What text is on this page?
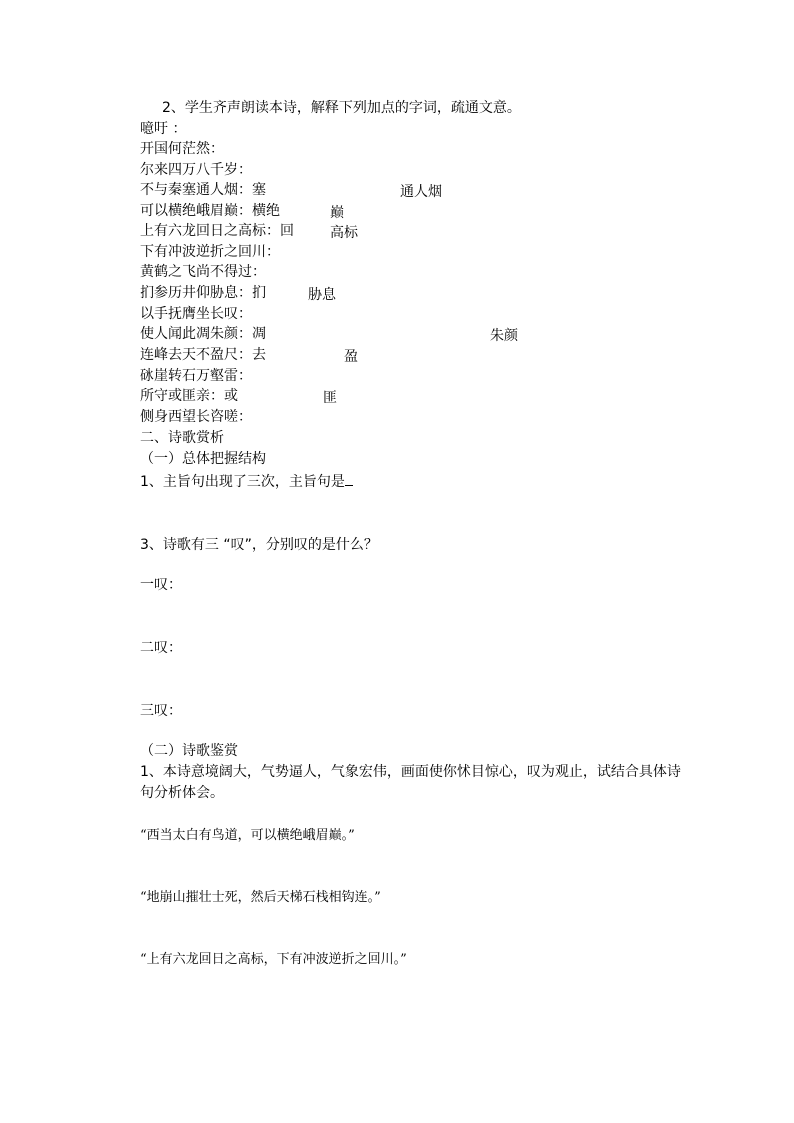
2、学生齐声朗读本诗，解释下列加点的字词，疏通文意。

噫吁 ：

开国何茫然：

尔来四万八千岁：

不与秦塞通人烟：塞	通人烟

可以横绝峨眉巅：横绝	巅

上有六龙回日之高标：回	高标

下有冲波逆折之回川：

黄鹤之飞尚不得过：

扪参历井仰胁息：扪	胁息

以手抚膺坐长叹：

使人闻此凋朱颜：凋	朱颜

连峰去天不盈尺：去	盈

砯崖转石万壑雷：

所守或匪亲：或	匪

侧身西望长咨嗟：

二、诗歌赏析

（一）总体把握结构

1、主旨句出现了三次，主旨句是

3、诗歌有三 “叹”，分别叹的是什么？

一叹：

二叹：

三叹：

（二）诗歌鉴赏

1、本诗意境阔大，气势逼人，气象宏伟，画面使你怵目惊心，叹为观止，试结合具体诗

句分析体会。

“西当太白有鸟道，可以横绝峨眉巅。”

“地崩山摧壮士死，然后天梯石栈相钩连。”

“上有六龙回日之高标，下有冲波逆折之回川。”
